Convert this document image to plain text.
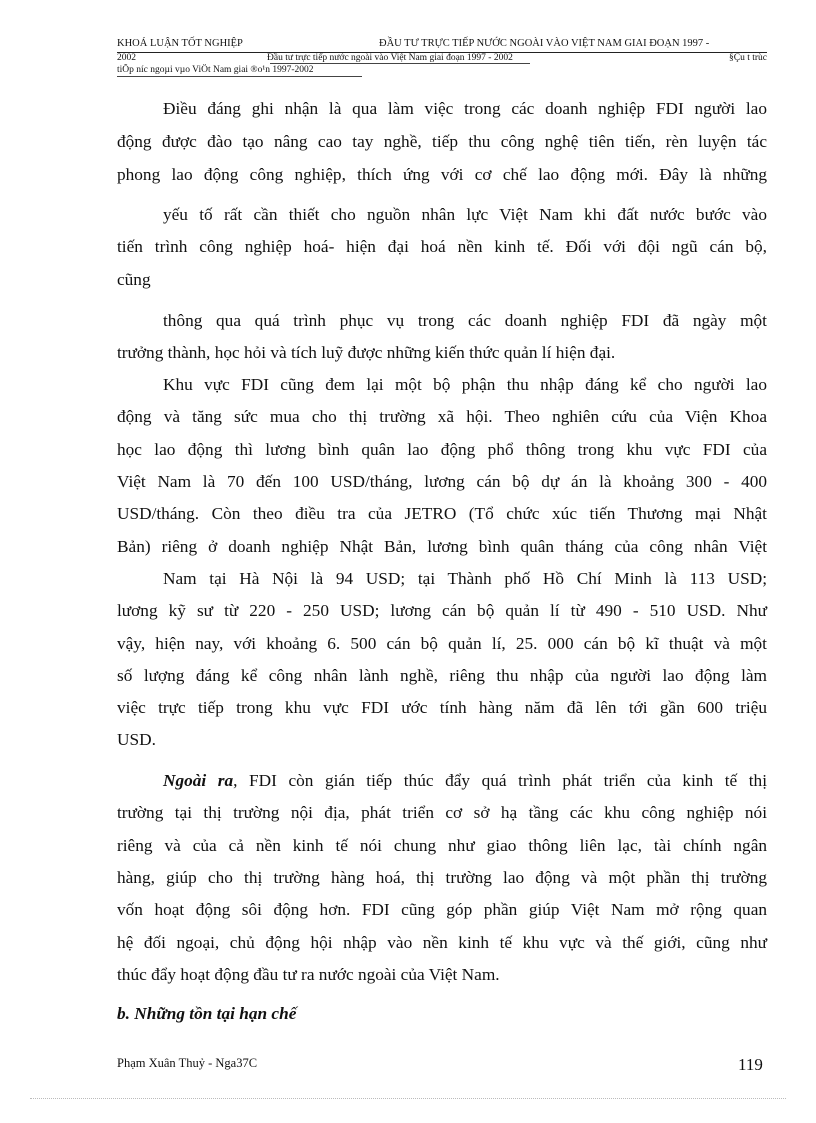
KHOÁ LUẬN TỐT NGHIỆP	ĐẦU TƯ TRỰC TIẾP NƯỚC NGOÀI VÀO VIỆT NAM GIAI ĐOẠN 1997 -
2002	Đầu tư trực tiếp nước ngoài vào Việt Nam giai đoạn 1997 - 2002	§Çu t trùc
tiÕp níc ngoµi vµo ViÖt Nam giai ®o¹n 1997-2002
Điều đáng ghi nhận là qua làm việc trong các doanh nghiệp FDI người lao
động được đào tạo nâng cao tay nghề, tiếp thu công nghệ tiên tiến, rèn luyện tác
phong lao động công nghiệp, thích ứng với cơ chế lao động mới. Đây là những
yếu tố rất cần thiết cho nguồn nhân lực Việt Nam khi đất nước bước vào
tiến trình công nghiệp hoá- hiện đại hoá nền kinh tế. Đối với đội ngũ cán bộ,
cũng
thông qua quá trình phục vụ trong các doanh nghiệp FDI đã ngày một
trưởng thành, học hỏi và tích luỹ được những kiến thức quản lí hiện đại.
Khu vực FDI cũng đem lại một bộ phận thu nhập đáng kể cho người lao
động và tăng sức mua cho thị trường xã hội. Theo nghiên cứu của Viện Khoa
học lao động thì lương bình quân lao động phổ thông trong khu vực FDI của
Việt Nam là 70 đến 100 USD/tháng, lương cán bộ dự án là khoảng 300 - 400
USD/tháng. Còn theo điều tra của JETRO (Tổ chức xúc tiến Thương mại Nhật
Bản) riêng ở doanh nghiệp Nhật Bản, lương bình quân tháng của công nhân Việt
Nam tại Hà Nội là 94 USD; tại Thành phố Hồ Chí Minh là 113 USD;
lương kỹ sư từ 220 - 250 USD; lương cán bộ quản lí từ 490 - 510 USD. Như
vậy, hiện nay, với khoảng 6. 500 cán bộ quản lí, 25. 000 cán bộ kĩ thuật và một
số lượng đáng kể công nhân lành nghề, riêng thu nhập của người lao động làm
việc trực tiếp trong khu vực FDI ước tính hàng năm đã lên tới gần 600 triệu
USD.
Ngoài ra, FDI còn gián tiếp thúc đẩy quá trình phát triển của kinh tế thị
trường tại thị trường nội địa, phát triển cơ sở hạ tầng các khu công nghiệp nói
riêng và của cả nền kinh tế nói chung như giao thông liên lạc, tài chính ngân
hàng, giúp cho thị trường hàng hoá, thị trường lao động và một phần thị trường
vốn hoạt động sôi động hơn. FDI cũng góp phần giúp Việt Nam mở rộng quan
hệ đối ngoại, chủ động hội nhập vào nền kinh tế khu vực và thế giới, cũng như
thúc đẩy hoạt động đầu tư ra nước ngoài của Việt Nam.
b. Những tồn tại hạn chế
Phạm Xuân Thuỷ - Nga37C	119
